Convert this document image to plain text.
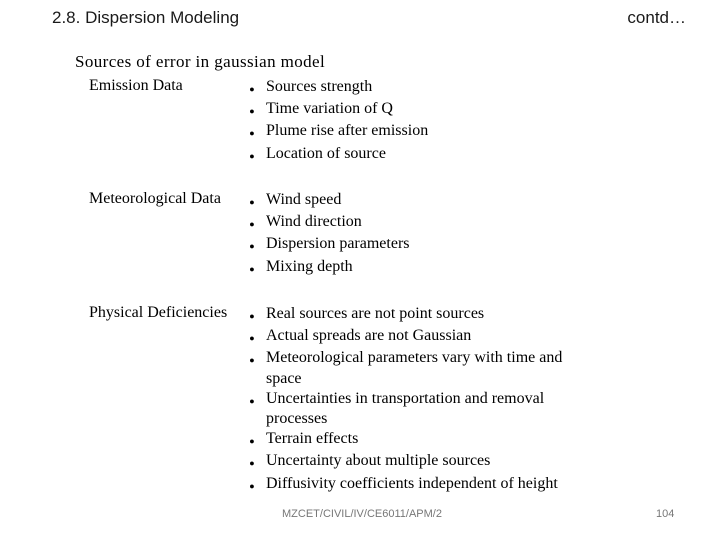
2.8. Dispersion Modeling	contd…
Sources of error in gaussian model
Emission Data	● Sources strength
● Time variation of Q
● Plume rise after emission
● Location of source
Meteorological Data	● Wind speed
● Wind direction
● Dispersion parameters
● Mixing depth
Physical Deficiencies	● Real sources are not point sources
● Actual spreads are not Gaussian
● Meteorological parameters vary with time and space
● Uncertainties in transportation and removal processes
● Terrain effects
● Uncertainty about multiple sources
● Diffusivity coefficients independent of height
MZCET/CIVIL/IV/CE6011/APM/2	104
